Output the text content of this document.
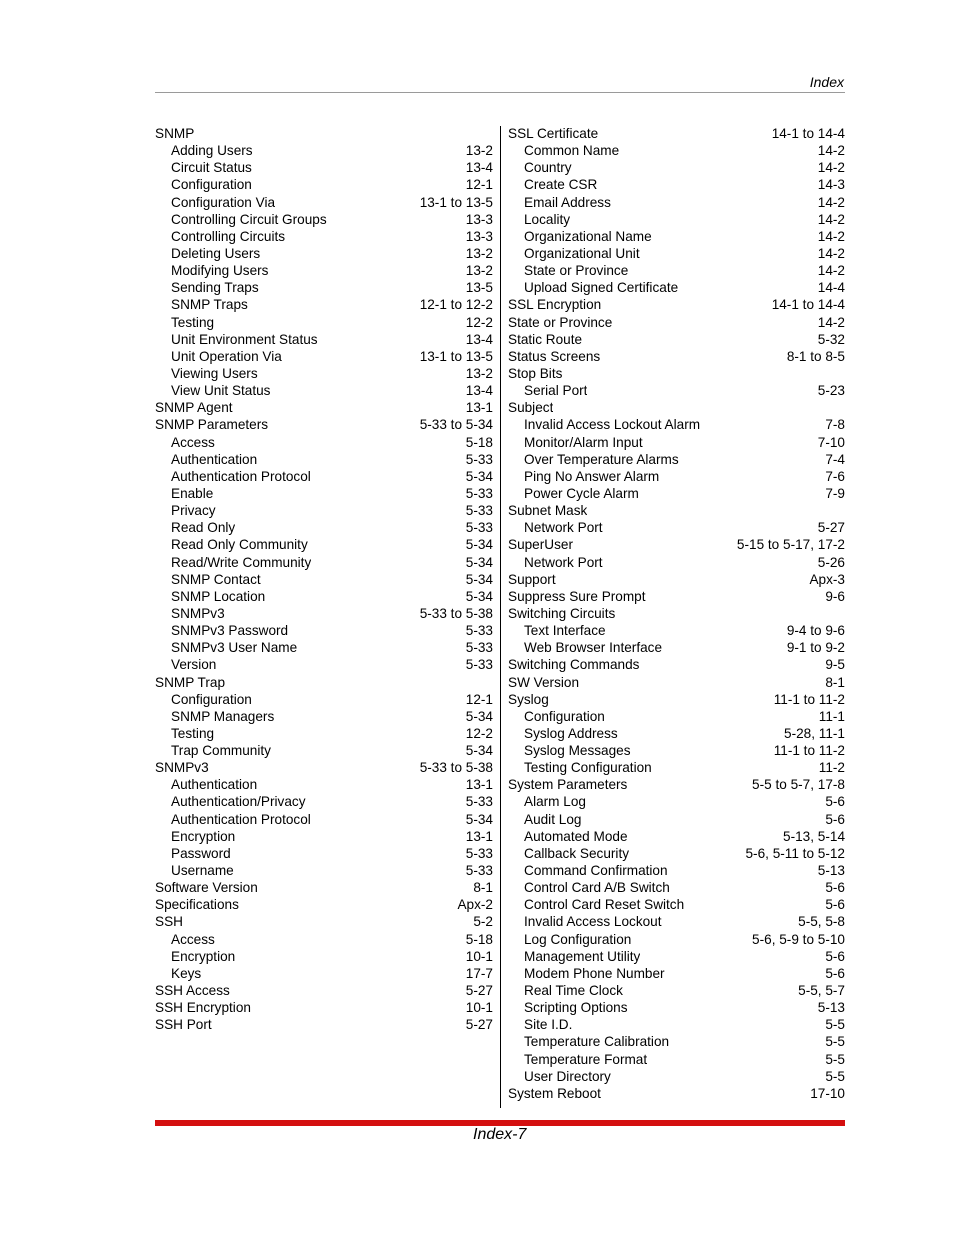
Index
SNMP
Adding Users	13-2
Circuit Status	13-4
Configuration	12-1
Configuration Via	13-1 to 13-5
Controlling Circuit Groups	13-3
Controlling Circuits	13-3
Deleting Users	13-2
Modifying Users	13-2
Sending Traps	13-5
SNMP Traps	12-1 to 12-2
Testing	12-2
Unit Environment Status	13-4
Unit Operation Via	13-1 to 13-5
Viewing Users	13-2
View Unit Status	13-4
SNMP Agent	13-1
SNMP Parameters	5-33 to 5-34
Access	5-18
Authentication	5-33
Authentication Protocol	5-34
Enable	5-33
Privacy	5-33
Read Only	5-33
Read Only Community	5-34
Read/Write Community	5-34
SNMP Contact	5-34
SNMP Location	5-34
SNMPv3	5-33 to 5-38
SNMPv3 Password	5-33
SNMPv3 User Name	5-33
Version	5-33
SNMP Trap
Configuration	12-1
SNMP Managers	5-34
Testing	12-2
Trap Community	5-34
SNMPv3	5-33 to 5-38
Authentication	13-1
Authentication/Privacy	5-33
Authentication Protocol	5-34
Encryption	13-1
Password	5-33
Username	5-33
Software Version	8-1
Specifications	Apx-2
SSH	5-2
Access	5-18
Encryption	10-1
Keys	17-7
SSH Access	5-27
SSH Encryption	10-1
SSH Port	5-27
SSL Certificate	14-1 to 14-4
Common Name	14-2
Country	14-2
Create CSR	14-3
Email Address	14-2
Locality	14-2
Organizational Name	14-2
Organizational Unit	14-2
State or Province	14-2
Upload Signed Certificate	14-4
SSL Encryption	14-1 to 14-4
State or Province	14-2
Static Route	5-32
Status Screens	8-1 to 8-5
Stop Bits
Serial Port	5-23
Subject
Invalid Access Lockout Alarm	7-8
Monitor/Alarm Input	7-10
Over Temperature Alarms	7-4
Ping No Answer Alarm	7-6
Power Cycle Alarm	7-9
Subnet Mask
Network Port	5-27
SuperUser	5-15 to 5-17, 17-2
Network Port	5-26
Support	Apx-3
Suppress Sure Prompt	9-6
Switching Circuits
Text Interface	9-4 to 9-6
Web Browser Interface	9-1 to 9-2
Switching Commands	9-5
SW Version	8-1
Syslog	11-1 to 11-2
Configuration	11-1
Syslog Address	5-28, 11-1
Syslog Messages	11-1 to 11-2
Testing Configuration	11-2
System Parameters	5-5 to 5-7, 17-8
Alarm Log	5-6
Audit Log	5-6
Automated Mode	5-13, 5-14
Callback Security	5-6, 5-11 to 5-12
Command Confirmation	5-13
Control Card A/B Switch	5-6
Control Card Reset Switch	5-6
Invalid Access Lockout	5-5, 5-8
Log Configuration	5-6, 5-9 to 5-10
Management Utility	5-6
Modem Phone Number	5-6
Real Time Clock	5-5, 5-7
Scripting Options	5-13
Site I.D.	5-5
Temperature Calibration	5-5
Temperature Format	5-5
User Directory	5-5
System Reboot	17-10
Index-7
